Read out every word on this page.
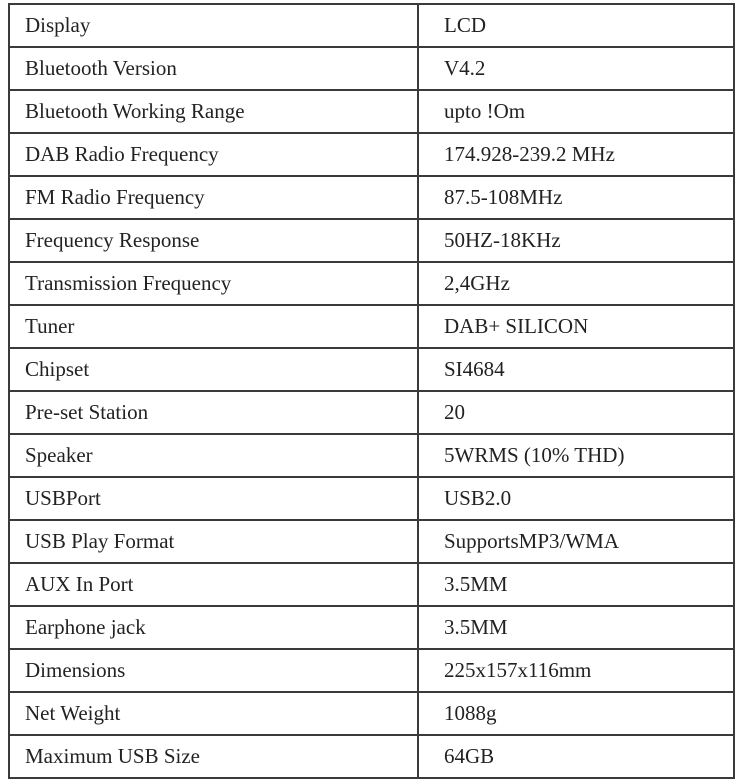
Display	LCD
Bluetooth Version	V4.2
Bluetooth Working Range	upto !Om
DAB Radio Frequency	174.928-239.2 MHz
FM Radio Frequency	87.5-108MHz
Frequency Response	50HZ-18KHz
Transmission Frequency	2,4GHz
Tuner	DAB+ SILICON
Chipset	SI4684
Pre-set Station	20
Speaker	5WRMS (10% THD)
USBPort	USB2.0
USB Play Format	SupportsMP3/WMA
AUX In Port	3.5MM
Earphone jack	3.5MM
Dimensions	225x157x116mm
Net Weight	1088g
Maximum USB Size	64GB
